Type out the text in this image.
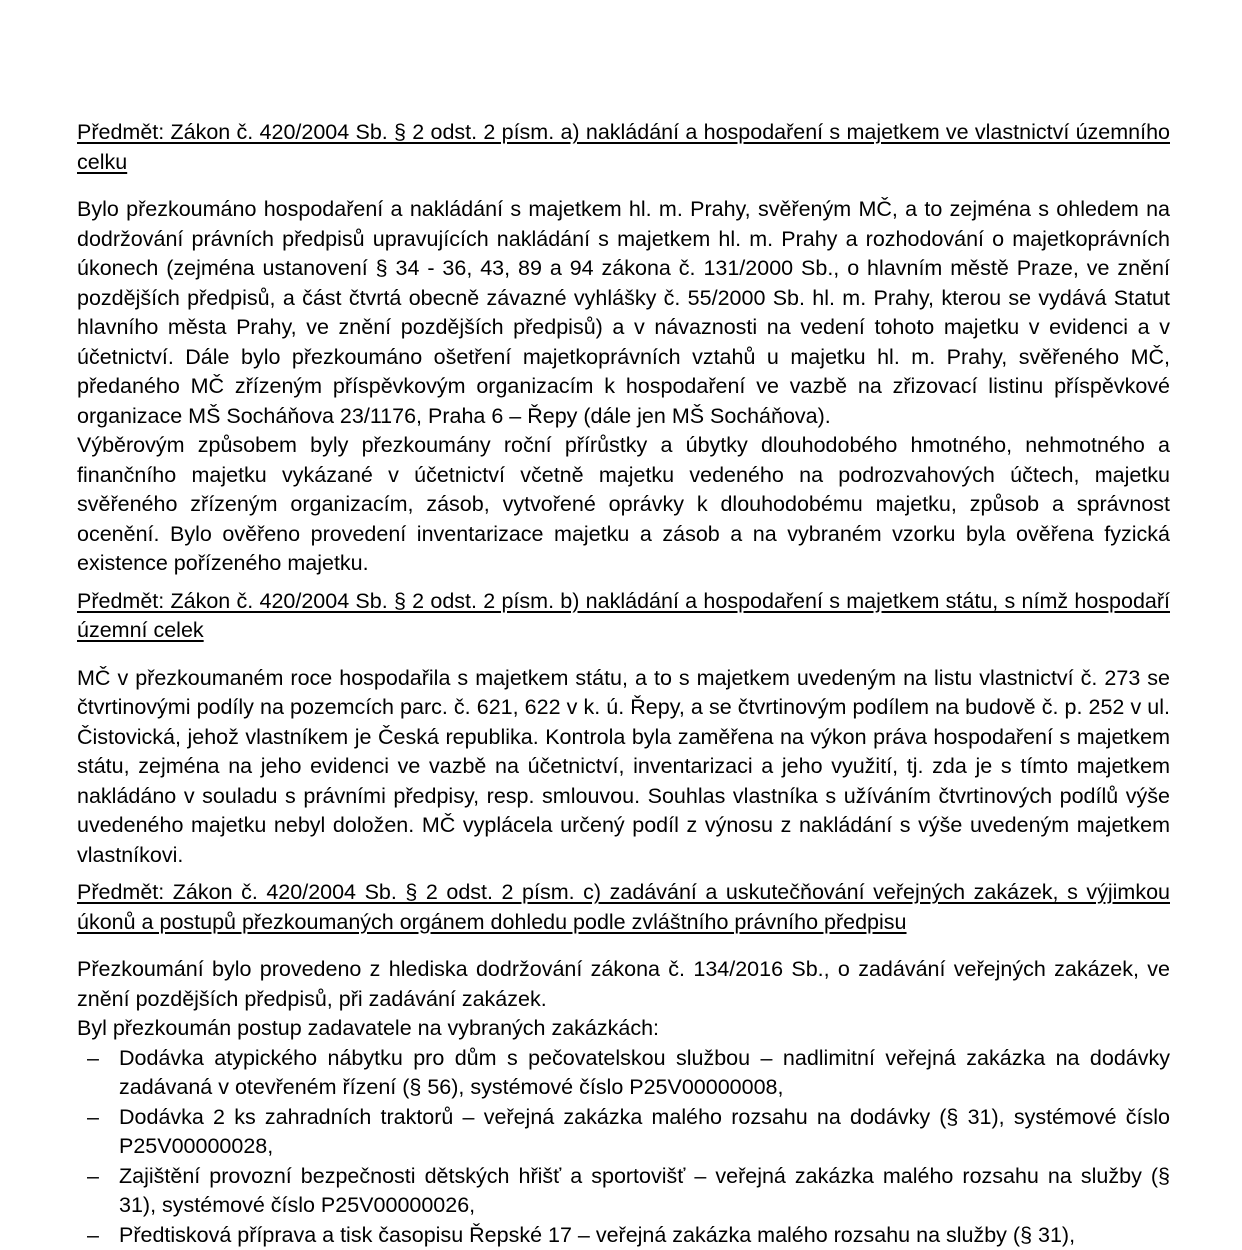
Předmět: Zákon č. 420/2004 Sb. § 2 odst. 2 písm. a) nakládání a hospodaření s majetkem ve vlastnictví územního celku

Bylo přezkoumáno hospodaření a nakládání s majetkem hl. m. Prahy, svěřeným MČ, a to zejména s ohledem na dodržování právních předpisů upravujících nakládání s majetkem hl. m. Prahy a rozhodování o majetkoprávních úkonech (zejména ustanovení § 34 - 36, 43, 89 a 94 zákona č. 131/2000 Sb., o hlavním městě Praze, ve znění pozdějších předpisů, a část čtvrtá obecně závazné vyhlášky č. 55/2000 Sb. hl. m. Prahy, kterou se vydává Statut hlavního města Prahy, ve znění pozdějších předpisů) a v návaznosti na vedení tohoto majetku v evidenci a v účetnictví. Dále bylo přezkoumáno ošetření majetkoprávních vztahů u majetku hl. m. Prahy, svěřeného MČ, předaného MČ zřízeným příspěvkovým organizacím k hospodaření ve vazbě na zřizovací listinu příspěvkové organizace MŠ Socháňova 23/1176, Praha 6 – Řepy (dále jen MŠ Socháňova).

Výběrovým způsobem byly přezkoumány roční přírůstky a úbytky dlouhodobého hmotného, nehmotného a finančního majetku vykázané v účetnictví včetně majetku vedeného na podrozvahových účtech, majetku svěřeného zřízeným organizacím, zásob, vytvořené oprávky k dlouhodobému majetku, způsob a správnost ocenění. Bylo ověřeno provedení inventarizace majetku a zásob a na vybraném vzorku byla ověřena fyzická existence pořízeného majetku.

Předmět: Zákon č. 420/2004 Sb. § 2 odst. 2 písm. b) nakládání a hospodaření s majetkem státu, s nímž hospodaří územní celek

MČ v přezkoumaném roce hospodařila s majetkem státu, a to s majetkem uvedeným na listu vlastnictví č. 273 se čtvrtinovými podíly na pozemcích parc. č. 621, 622 v k. ú. Řepy, a se čtvrtinovým podílem na budově č. p. 252 v ul. Čistovická, jehož vlastníkem je Česká republika. Kontrola byla zaměřena na výkon práva hospodaření s majetkem státu, zejména na jeho evidenci ve vazbě na účetnictví, inventarizaci a jeho využití, tj. zda je s tímto majetkem nakládáno v souladu s právními předpisy, resp. smlouvou. Souhlas vlastníka s užíváním čtvrtinových podílů výše uvedeného majetku nebyl doložen. MČ vyplácela určený podíl z výnosu z nakládání s výše uvedeným majetkem vlastníkovi.

Předmět: Zákon č. 420/2004 Sb. § 2 odst. 2 písm. c) zadávání a uskutečňování veřejných zakázek, s výjimkou úkonů a postupů přezkoumaných orgánem dohledu podle zvláštního právního předpisu

Přezkoumání bylo provedeno z hlediska dodržování zákona č. 134/2016 Sb., o zadávání veřejných zakázek, ve znění pozdějších předpisů, při zadávání zakázek.

Byl přezkoumán postup zadavatele na vybraných zakázkách:

– Dodávka atypického nábytku pro dům s pečovatelskou službou – nadlimitní veřejná zakázka na dodávky zadávaná v otevřeném řízení (§ 56), systémové číslo P25V00000008,
– Dodávka 2 ks zahradních traktorů – veřejná zakázka malého rozsahu na dodávky (§ 31), systémové číslo P25V00000028,
– Zajištění provozní bezpečnosti dětských hřišť a sportovišť – veřejná zakázka malého rozsahu na služby (§ 31), systémové číslo P25V00000026,
– Předtisková příprava a tisk časopisu Řepské 17 – veřejná zakázka malého rozsahu na služby (§ 31),
